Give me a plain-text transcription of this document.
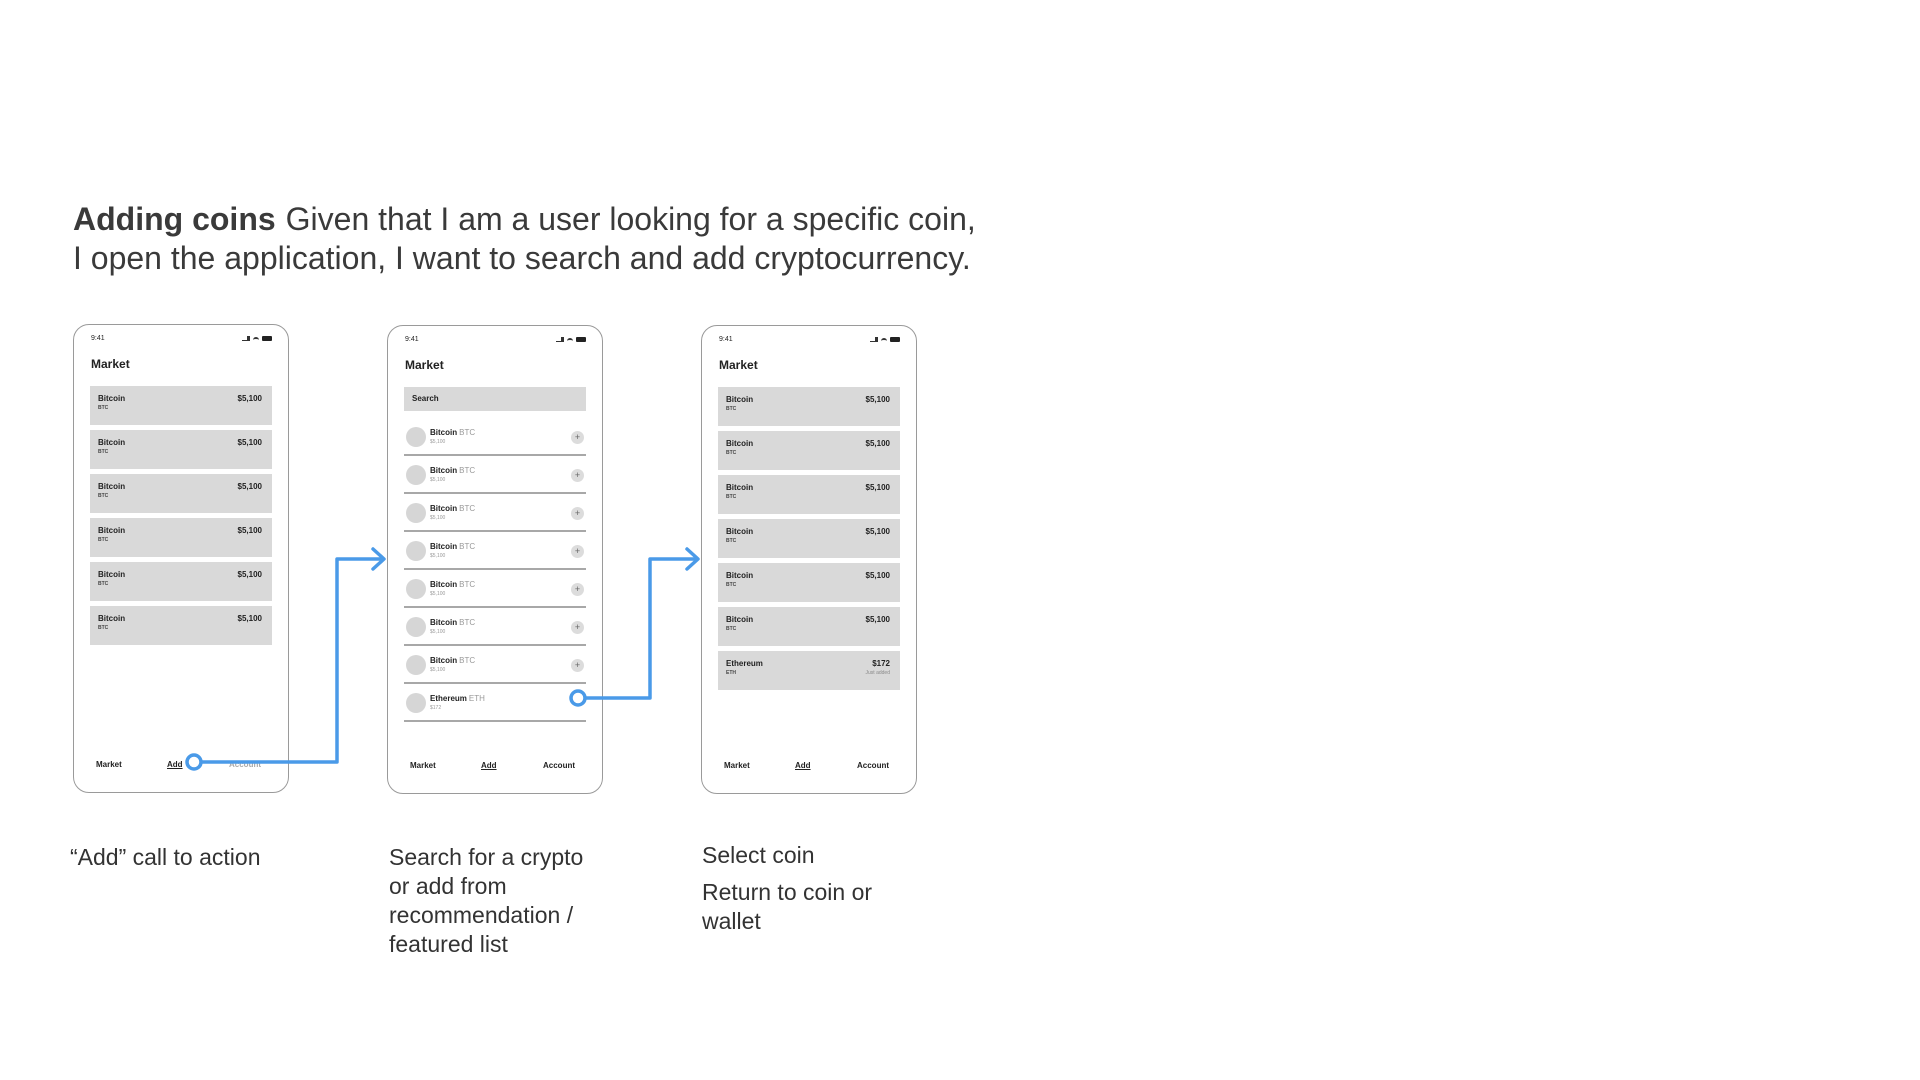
Adding coins Given that I am a user looking for a specific coin,
I open the application, I want to search and add cryptocurrency.
9:41
Market
Bitcoin
BTC
$5,100
Bitcoin
BTC
$5,100
Bitcoin
BTC
$5,100
Bitcoin
BTC
$5,100
Bitcoin
BTC
$5,100
Bitcoin
BTC
$5,100
Market	Add	Account
9:41
Market
Search
Bitcoin BTC
$5,100	+
Bitcoin BTC
$5,100	+
Bitcoin BTC
$5,100	+
Bitcoin BTC
$5,100	+
Bitcoin BTC
$5,100	+
Bitcoin BTC
$5,100	+
Bitcoin BTC
$5,100	+
Ethereum ETH
$172
Market	Add	Account
9:41
Market
Bitcoin
BTC
$5,100
Bitcoin
BTC
$5,100
Bitcoin
BTC
$5,100
Bitcoin
BTC
$5,100
Bitcoin
BTC
$5,100
Bitcoin
BTC
$5,100
Ethereum
ETH
$172
Just added
Market	Add	Account
“Add” call to action	Search for a crypto
or add from
recommendation /
featured list
Select coin
Return to coin or
wallet
